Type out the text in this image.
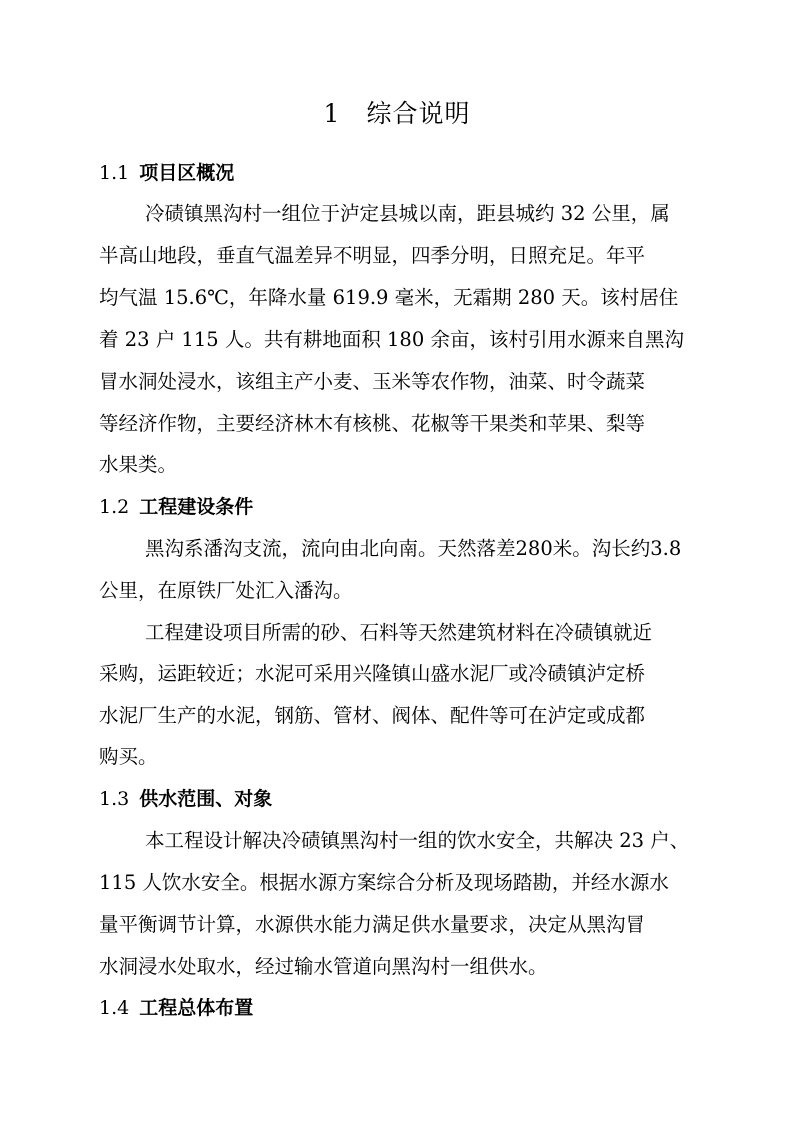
1 综合说明
1.1 项目区概况
冷碛镇黑沟村一组位于泸定县城以南，距县城约 32 公里，属
半高山地段，垂直气温差异不明显，四季分明，日照充足。年平
均气温 15.6℃，年降水量 619.9 毫米，无霜期 280 天。该村居住
着 23 户 115 人。共有耕地面积 180 余亩，该村引用水源来自黑沟
冒水洞处浸水，该组主产小麦、玉米等农作物，油菜、时令蔬菜
等经济作物，主要经济林木有核桃、花椒等干果类和苹果、梨等
水果类。
1.2 工程建设条件
黑沟系潘沟支流，流向由北向南。天然落差280米。沟长约3.8
公里，在原铁厂处汇入潘沟。
工程建设项目所需的砂、石料等天然建筑材料在冷碛镇就近
采购，运距较近；水泥可采用兴隆镇山盛水泥厂或冷碛镇泸定桥
水泥厂生产的水泥，钢筋、管材、阀体、配件等可在泸定或成都
购买。
1.3 供水范围、对象
本工程设计解决冷碛镇黑沟村一组的饮水安全，共解决 23 户、
115 人饮水安全。根据水源方案综合分析及现场踏勘，并经水源水
量平衡调节计算，水源供水能力满足供水量要求，决定从黑沟冒
水洞浸水处取水，经过输水管道向黑沟村一组供水。
1.4 工程总体布置
